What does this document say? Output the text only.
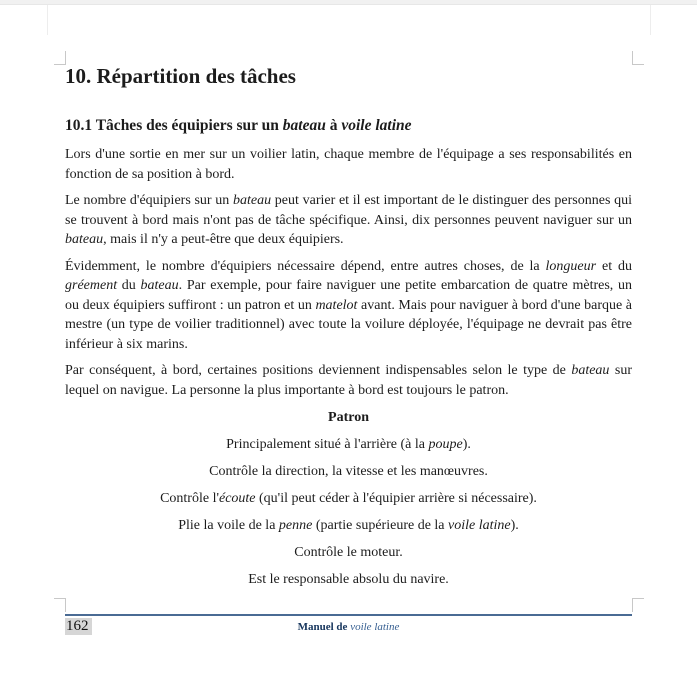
10. Répartition des tâches
10.1 Tâches des équipiers sur un bateau à voile latine

Lors d'une sortie en mer sur un voilier latin, chaque membre de l'équipage a ses responsabilités en fonction de sa position à bord.

Le nombre d'équipiers sur un bateau peut varier et il est important de le distinguer des personnes qui se trouvent à bord mais n'ont pas de tâche spécifique. Ainsi, dix personnes peuvent naviguer sur un bateau, mais il n'y a peut-être que deux équipiers.

Évidemment, le nombre d'équipiers nécessaire dépend, entre autres choses, de la longueur et du gréement du bateau. Par exemple, pour faire naviguer une petite embarcation de quatre mètres, un ou deux équipiers suffiront : un patron et un matelot avant. Mais pour naviguer à bord d'une barque à mestre (un type de voilier traditionnel) avec toute la voilure déployée, l'équipage ne devrait pas être inférieur à six marins.

Par conséquent, à bord, certaines positions deviennent indispensables selon le type de bateau sur lequel on navigue. La personne la plus importante à bord est toujours le patron.

Patron

Principalement situé à l'arrière (à la poupe).

Contrôle la direction, la vitesse et les manœuvres.

Contrôle l'écoute (qu'il peut céder à l'équipier arrière si nécessaire).

Plie la voile de la penne (partie supérieure de la voile latine).

Contrôle le moteur.

Est le responsable absolu du navire.

162	Manuel de voile latine
